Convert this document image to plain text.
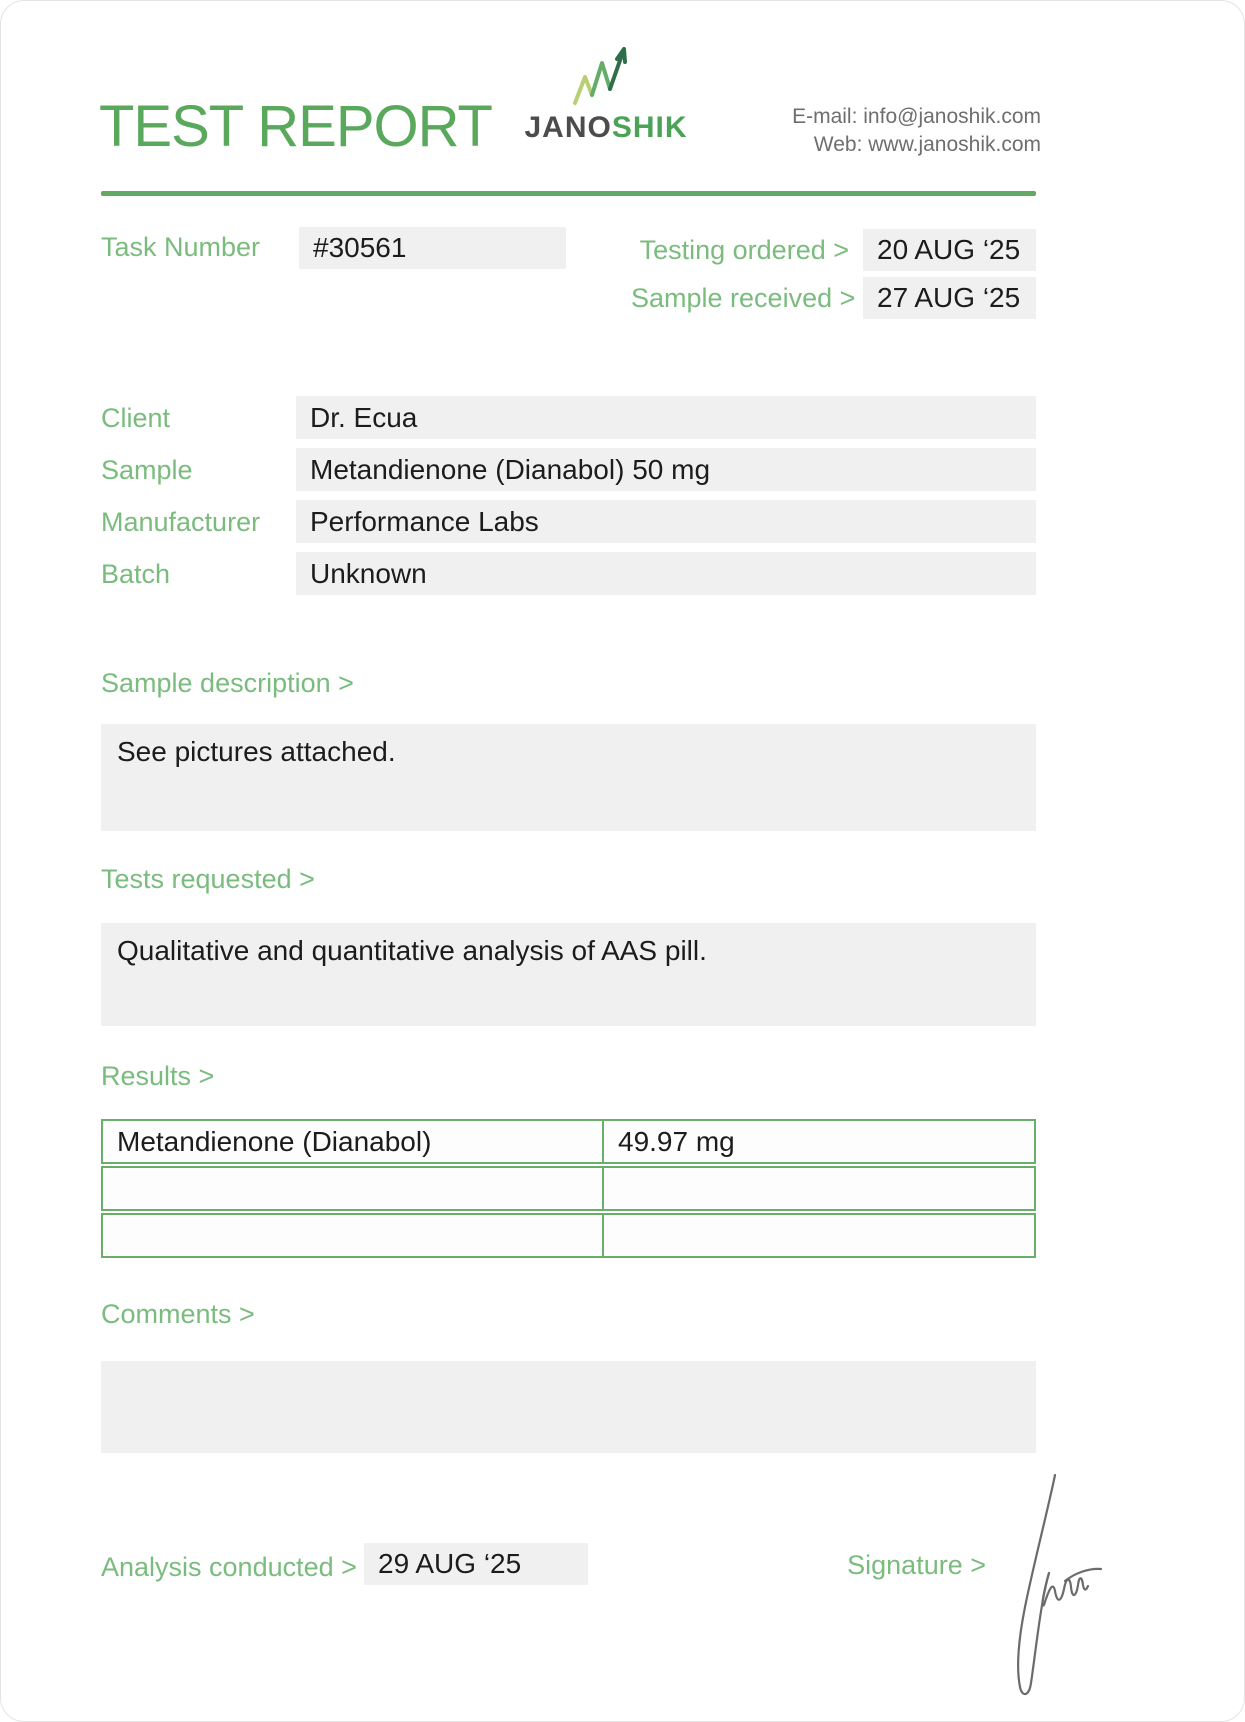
TEST REPORT	JANOSHIK	E-mail: info@janoshik.com
Web: www.janoshik.com
Task Number	#30561	Testing ordered >	20 AUG ‘25
Sample received > 27 AUG ‘25
Client	Dr. Ecua
Sample	Metandienone (Dianabol) 50 mg
Manufacturer	Performance Labs
Batch	Unknown
Sample description >
See pictures attached.
Tests requested >
Qualitative and quantitative analysis of AAS pill.
Results >
Metandienone (Dianabol)	49.97 mg
Comments >
Analysis conducted > 29 AUG ‘25	Signature >
